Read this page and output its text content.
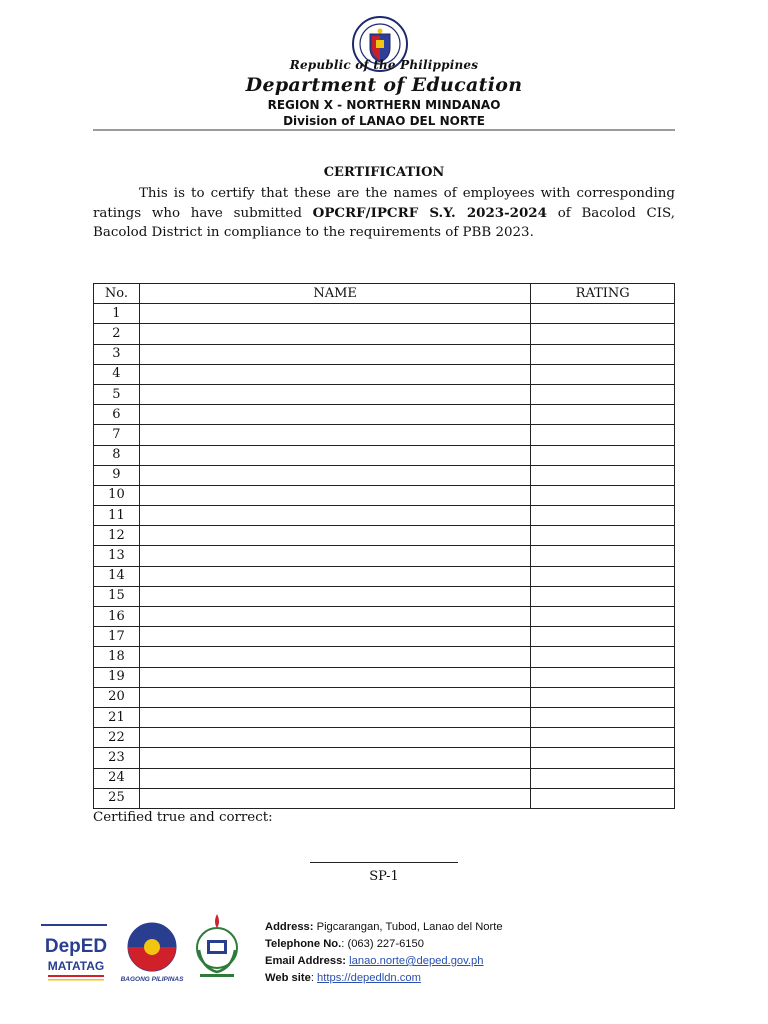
Republic of the Philippines
Department of Education
REGION X - NORTHERN MINDANAO
Division of LANAO DEL NORTE
CERTIFICATION
This is to certify that these are the names of employees with corresponding ratings who have submitted OPCRF/IPCRF S.Y. 2023-2024 of Bacolod CIS, Bacolod District in compliance to the requirements of PBB 2023.
No.	NAME	RATING
1		
2		
3		
4		
5		
6		
7		
8		
9		
10		
11		
12		
13		
14		
15		
16		
17		
18		
19		
20		
21		
22		
23		
24		
25		
Certified true and correct:
SP-1
DepED
MATATAG
BAGONG PILIPINAS
Address: Pigcarangan, Tubod, Lanao del Norte
Telephone No.: (063) 227-6150
Email Address: lanao.norte@deped.gov.ph
Web site: https://depedldn.com
